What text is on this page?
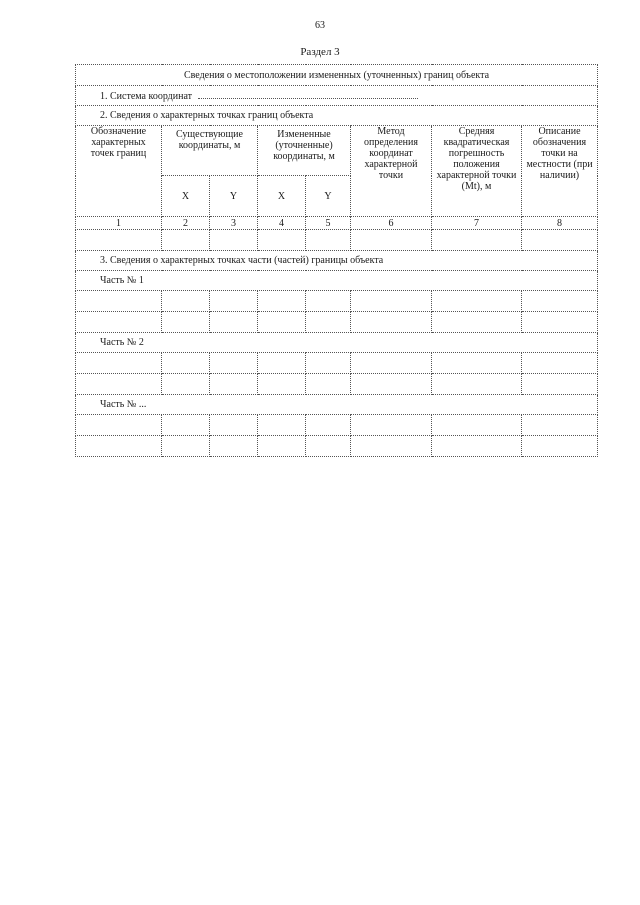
63
Раздел 3
Сведения о местоположении измененных (уточненных) границ объекта							
1. Система координат							
2. Сведения о характерных точках границ объекта							
Обозначение характерных точек границ	Существующие координаты, м		Измененные (уточненные) координаты, м		Метод определения координат характерной точки	Средняя квадратическая погрешность положения характерной точки (Mt), м	Описание обозначения точки на местности (при наличии)
	X	Y	X	Y			
1	2	3	4	5	6	7	8

3. Сведения о характерных точках части (частей) границы объекта							
Часть № 1							

Часть № 2							

Часть № ...							
